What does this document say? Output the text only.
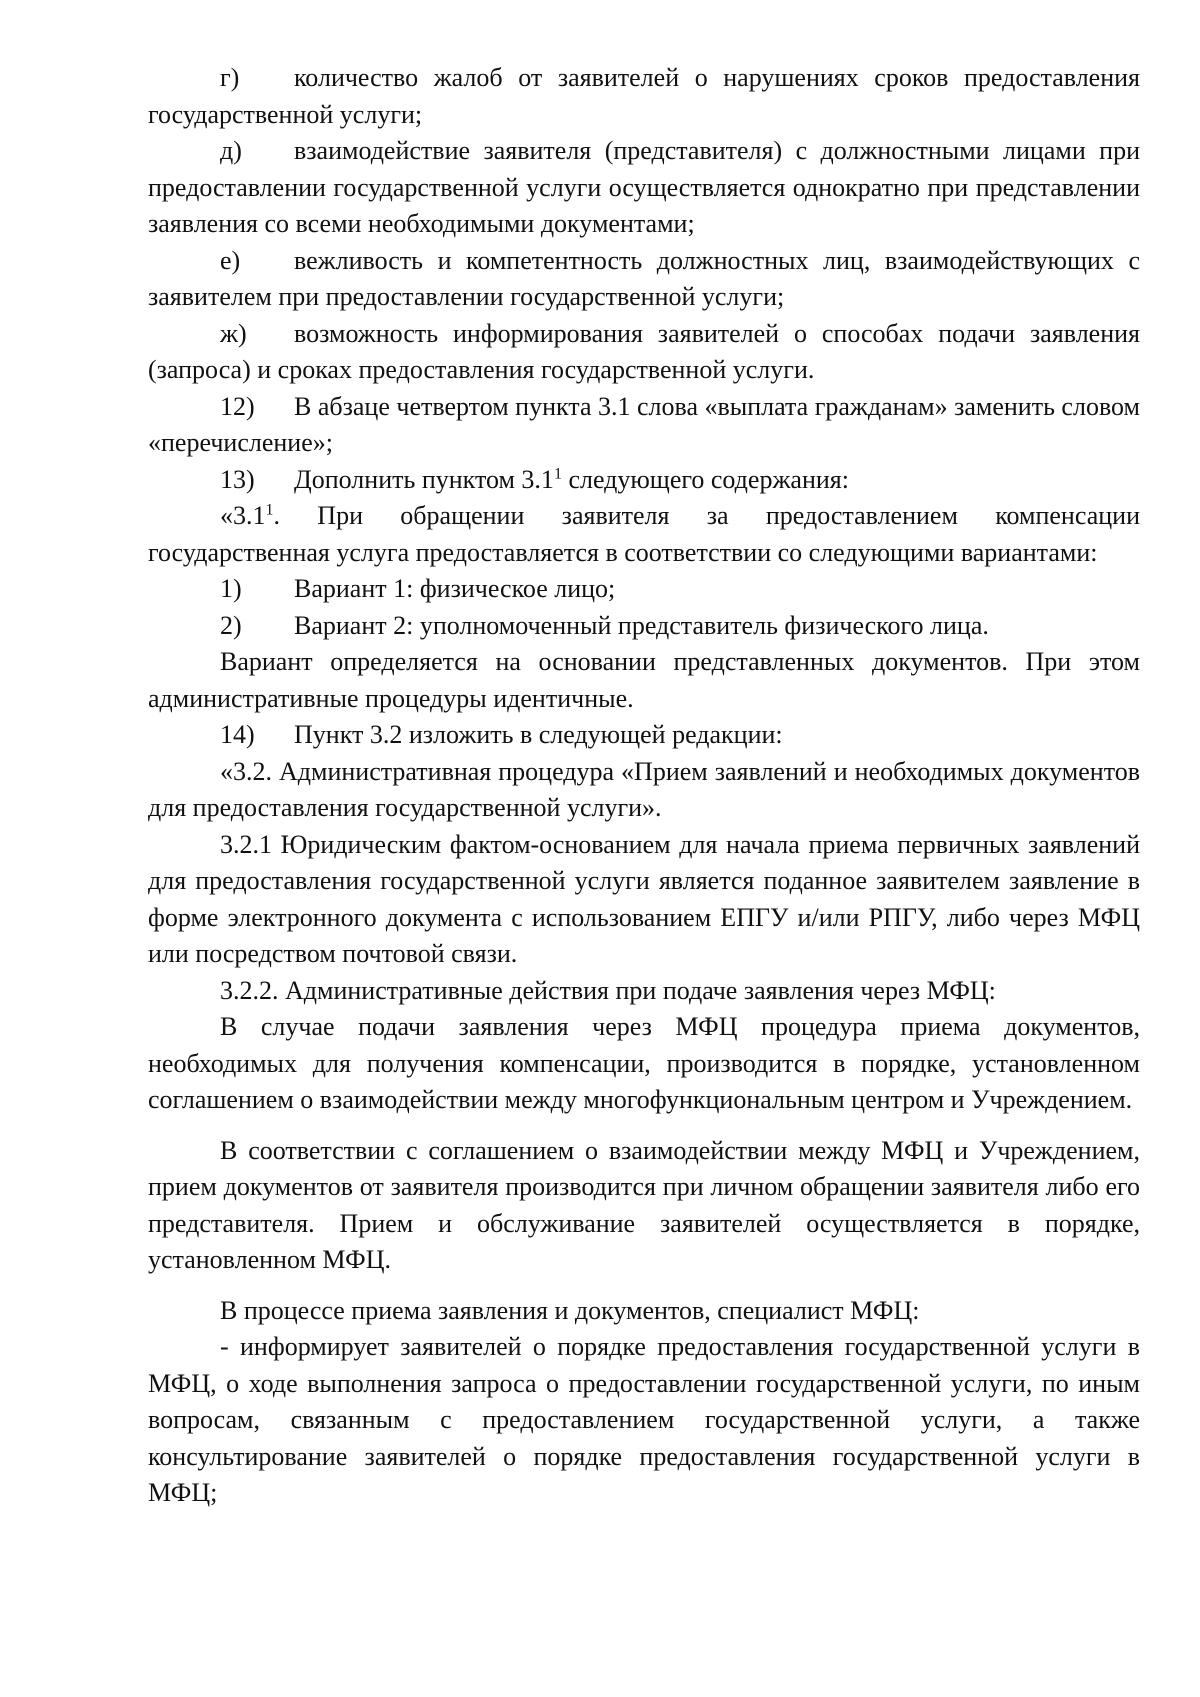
г) количество жалоб от заявителей о нарушениях сроков предоставления государственной услуги;

д) взаимодействие заявителя (представителя) с должностными лицами при предоставлении государственной услуги осуществляется однократно при представлении заявления со всеми необходимыми документами;

е) вежливость и компетентность должностных лиц, взаимодействующих с заявителем при предоставлении государственной услуги;

ж) возможность информирования заявителей о способах подачи заявления (запроса) и сроках предоставления государственной услуги.

12) В абзаце четвертом пункта 3.1 слова «выплата гражданам» заменить словом «перечисление»;

13) Дополнить пунктом $3.1^1$ следующего содержания:

«$3.1^1$. При обращении заявителя за предоставлением компенсации государственная услуга предоставляется в соответствии со следующими вариантами:

1) Вариант 1: физическое лицо;

2) Вариант 2: уполномоченный представитель физического лица.

Вариант определяется на основании представленных документов. При этом административные процедуры идентичные.

14) Пункт 3.2 изложить в следующей редакции:

«3.2. Административная процедура «Прием заявлений и необходимых документов для предоставления государственной услуги».

3.2.1 Юридическим фактом-основанием для начала приема первичных заявлений для предоставления государственной услуги является поданное заявителем заявление в форме электронного документа с использованием ЕПГУ и/или РПГУ, либо через МФЦ или посредством почтовой связи.

3.2.2. Административные действия при подаче заявления через МФЦ:

В случае подачи заявления через МФЦ процедура приема документов, необходимых для получения компенсации, производится в порядке, установленном соглашением о взаимодействии между многофункциональным центром и Учреждением.

В соответствии с соглашением о взаимодействии между МФЦ и Учреждением, прием документов от заявителя производится при личном обращении заявителя либо его представителя. Прием и обслуживание заявителей осуществляется в порядке, установленном МФЦ.

В процессе приема заявления и документов, специалист МФЦ:

- информирует заявителей о порядке предоставления государственной услуги в МФЦ, о ходе выполнения запроса о предоставлении государственной услуги, по иным вопросам, связанным с предоставлением государственной услуги, а также консультирование заявителей о порядке предоставления государственной услуги в МФЦ;
